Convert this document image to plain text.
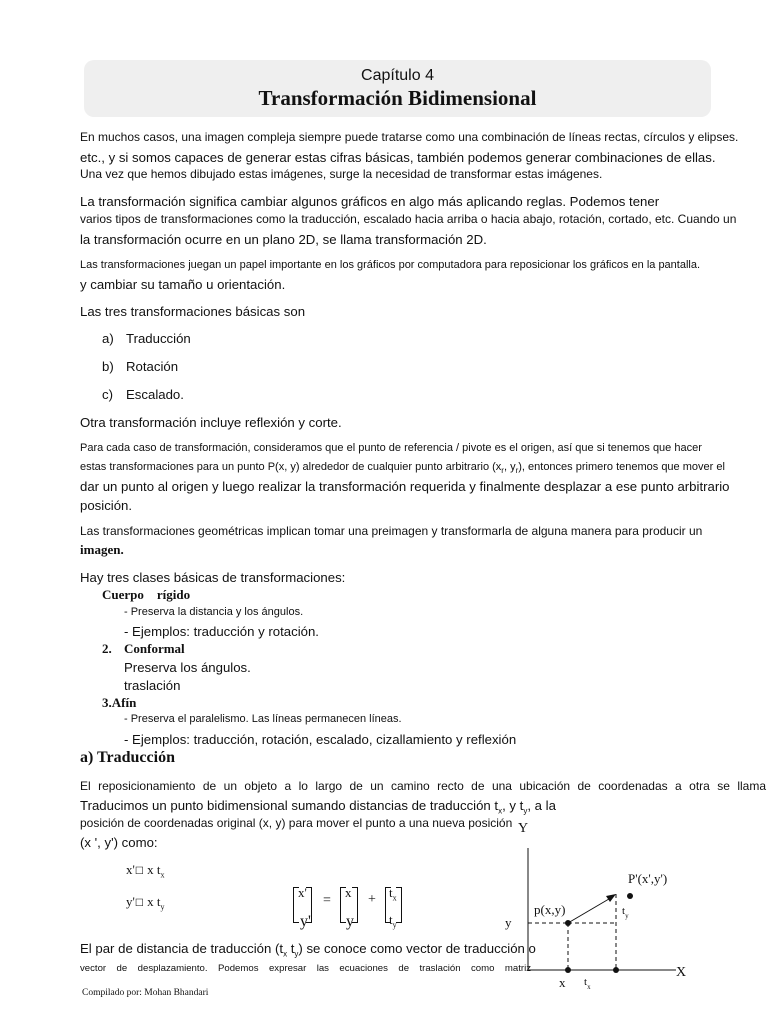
Capítulo 4
Transformación Bidimensional
En muchos casos, una imagen compleja siempre puede tratarse como una combinación de líneas rectas, círculos y elipses.
etc., y si somos capaces de generar estas cifras básicas, también podemos generar combinaciones de ellas.
Una vez que hemos dibujado estas imágenes, surge la necesidad de transformar estas imágenes.
La transformación significa cambiar algunos gráficos en algo más aplicando reglas. Podemos tener
varios tipos de transformaciones como la traducción, escalado hacia arriba o hacia abajo, rotación, cortado, etc. Cuando un
la transformación ocurre en un plano 2D, se llama transformación 2D.
Las transformaciones juegan un papel importante en los gráficos por computadora para reposicionar los gráficos en la pantalla.
y cambiar su tamaño u orientación.
Las tres transformaciones básicas son
a) Traducción
b) Rotación
c) Escalado.
Otra transformación incluye reflexión y corte.
Para cada caso de transformación, consideramos que el punto de referencia / pivote es el origen, así que si tenemos que hacer
estas transformaciones para un punto P(x, y) alrededor de cualquier punto arbitrario ($x_r$, $y_r$), entonces primero tenemos que mover el
dar un punto al origen y luego realizar la transformación requerida y finalmente desplazar a ese punto arbitrario
posición.
Las transformaciones geométricas implican tomar una preimagen y transformarla de alguna manera para producir un
imagen.
Hay tres clases básicas de transformaciones:
Cuerpo    rígido
- Preserva la distancia y los ángulos.
- Ejemplos: traducción y rotación.
2. Conformal
Preserva los ángulos.
traslación
3.Afín
- Preserva el paralelismo. Las líneas permanecen líneas.
- Ejemplos: traducción, rotación, escalado, cizallamiento y reflexión
a) Traducción
El reposicionamiento de un objeto a lo largo de un camino recto de una ubicación de coordenadas a otra se llama
Traducimos un punto bidimensional sumando distancias de traducción $t_x$, y $t_y$, a la
posición de coordenadas original (x, y) para mover el punto a una nueva posición
(x ', y') como:
x'☐ x $t_x$
y'☐ x $t_y$
x'
y'
=
x
y
+ $t_x$
$t_y$
El par de distancia de traducción ($t_x$ $t_y$) se conoce como vector de traducción o
vector de desplazamiento. Podemos expresar las ecuaciones de traslación como matriz
Y
X
p(x,y)
P'(x',y')
y
x $t_x$
$t_y$
Compilado por: Mohan Bhandari
